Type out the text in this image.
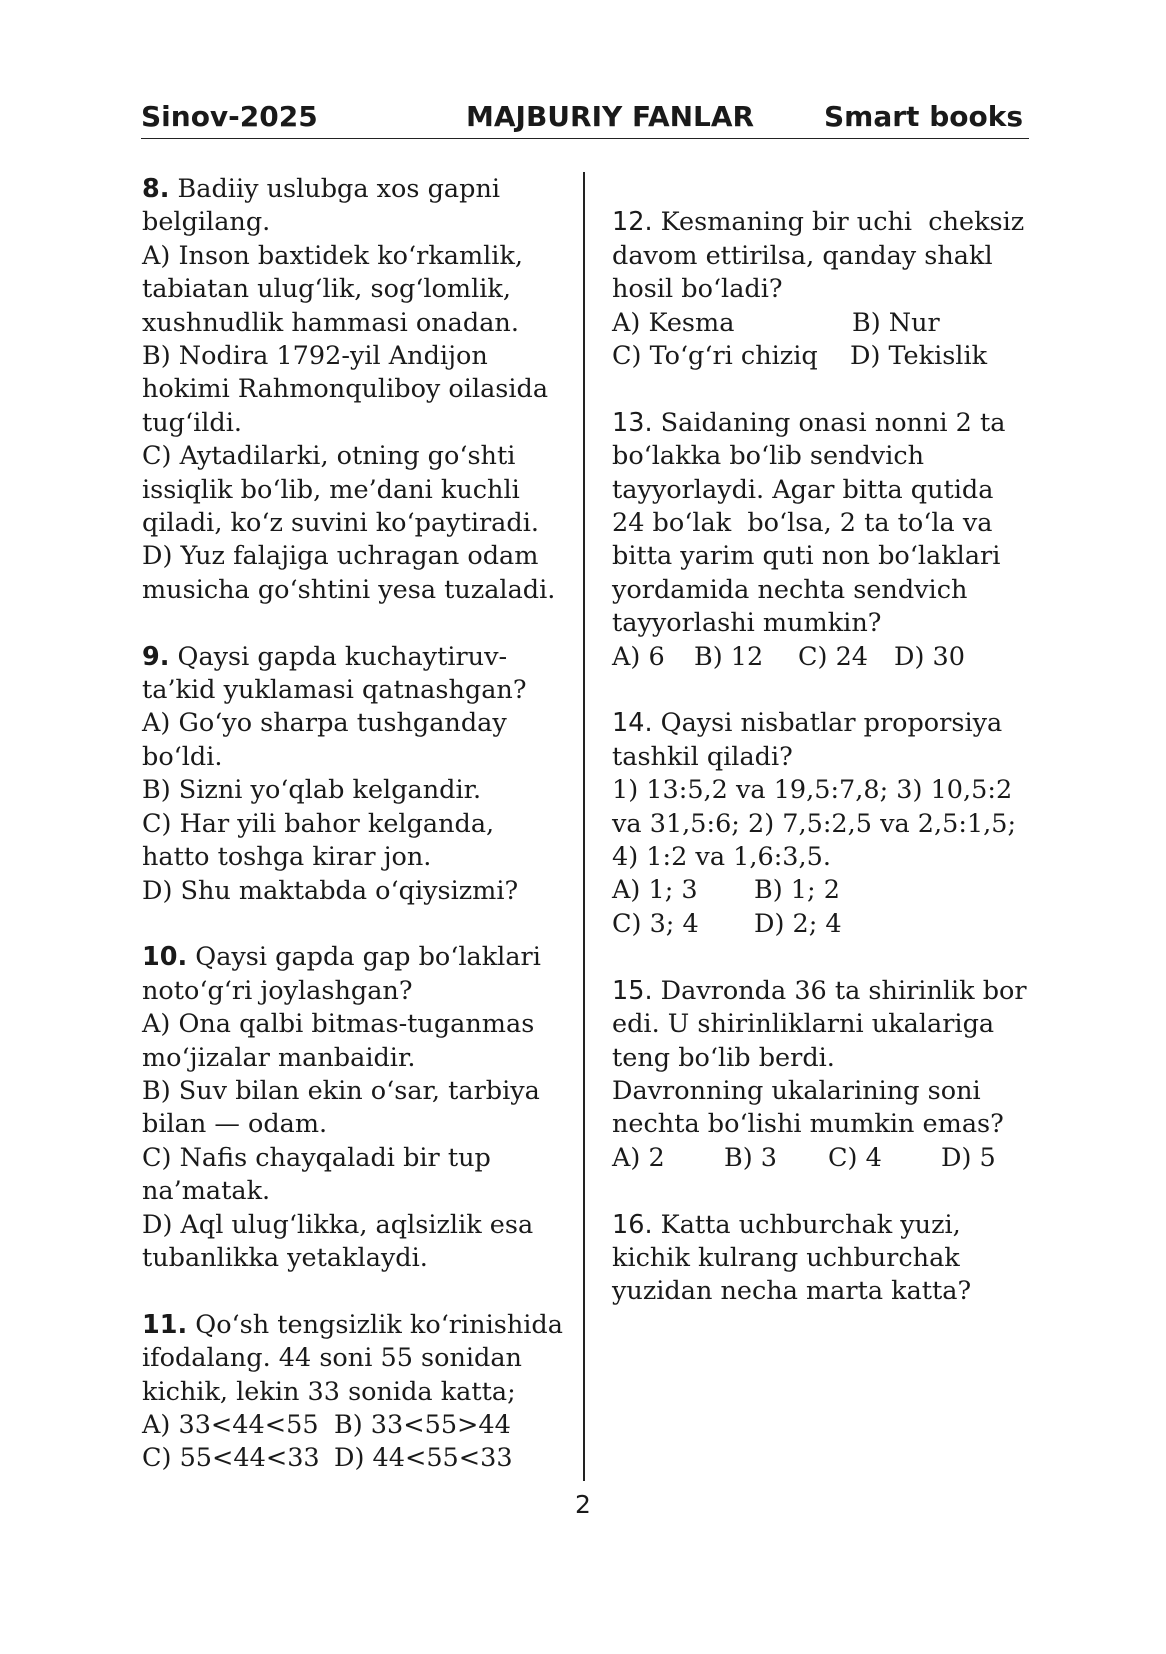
Sinov-2025	MAJBURIY FANLAR Smart books
8. Badiiy uslubga xos gapni
belgilang.
A) Inson baxtidek ko‘rkamlik,
tabiatan ulug‘lik, sog‘lomlik,
xushnudlik hammasi onadan.
B) Nodira 1792-yil Andijon
hokimi Rahmonquliboy oilasida
tug‘ildi.
C) Aytadilarki, otning go‘shti
issiqlik bo‘lib, me’dani kuchli
qiladi, ko‘z suvini ko‘paytiradi.
D) Yuz falajiga uchragan odam
musicha go‘shtini yesa tuzaladi.
9. Qaysi gapda kuchaytiruv-
ta’kid yuklamasi qatnashgan?
A) Go‘yo sharpa tushganday
bo‘ldi.
B) Sizni yo‘qlab kelgandir.
C) Har yili bahor kelganda,
hatto toshga kirar jon.
D) Shu maktabda o‘qiysizmi?
10. Qaysi gapda gap bo‘laklari
noto‘g‘ri joylashgan?
A) Ona qalbi bitmas-tuganmas
mo‘jizalar manbaidir.
B) Suv bilan ekin o‘sar, tarbiya
bilan — odam.
C) Nafis chayqaladi bir tup
na’matak.
D) Aql ulug‘likka, aqlsizlik esa
tubanlikka yetaklaydi.
11. Qo‘sh tengsizlik ko‘rinishida
ifodalang. 44 soni 55 sonidan
kichik, lekin 33 sonida katta;
A) 33<44<55 B) 33<55>44
C) 55<44<33 D) 44<55<33
12. Kesmaning bir uchi  cheksiz
davom ettirilsa, qanday shakl
hosil bo‘ladi?
A) Kesma	B) Nur
C) To‘g‘ri chiziq	D) Tekislik
13. Saidaning onasi nonni 2 ta
bo‘lakka bo‘lib sendvich
tayyorlaydi. Agar bitta qutida
24 bo‘lak  bo‘lsa, 2 ta to‘la va
bitta yarim quti non bo‘laklari
yordamida nechta sendvich
tayyorlashi mumkin?
A) 6	B) 12	C) 24	D) 30
14. Qaysi nisbatlar proporsiya
tashkil qiladi?
1) 13:5,2 va 19,5:7,8; 3) 10,5:2
va 31,5:6; 2) 7,5:2,5 va 2,5:1,5;
4) 1:2 va 1,6:3,5.
A) 1; 3	B) 1; 2
C) 3; 4	D) 2; 4
15. Davronda 36 ta shirinlik bor
edi. U shirinliklarni ukalariga
teng bo‘lib berdi.
Davronning ukalarining soni
nechta bo‘lishi mumkin emas?
A) 2	B) 3	C) 4	D) 5
16. Katta uchburchak yuzi,
kichik kulrang uchburchak
yuzidan necha marta katta?
2
